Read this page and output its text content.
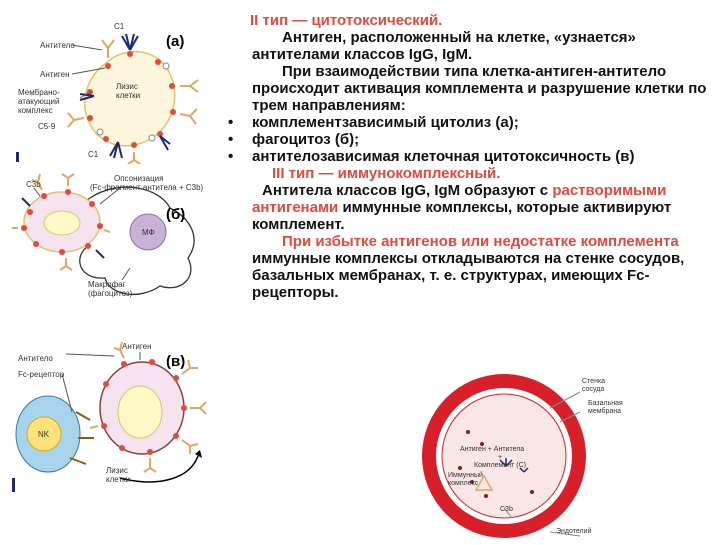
C1
Антитело
Антиген
Лизис
клетки
Мембрано-
атакующий
комплекс
C5-9
C1
(а)
C3b
Опсонизация
(Fc-фрагмент антитела + C3b)
МФ
Макрофаг
(фагоцитоз)
(б)
Антиген
Антитело
Fc-рецептор
NK
Лизис
клетки
(в)
Стенка
сосуда
Базальная
мембрана
Антиген + Антитела
+
Комплемент (С)
Иммунный
комплекс
C3b
Эндотелий

II тип — цитотоксический.

Антиген, расположенный на клетке, «узнается» антителами классов IgG, IgM.

При взаимодействии типа клетка-антиген-антитело происходит активация комплемента и разрушение клетки по трем направлениям:

• комплементзависимый цитолиз (а);
• фагоцитоз (б);
• антителозависимая клеточная цитотоксичность (в)

III тип — иммунокомплексный.

Антитела классов IgG, IgM образуют с растворимыми антигенами иммунные комплексы, которые активируют комплемент.

При избытке антигенов или недостатке комплемента иммунные комплексы откладываются на стенке сосудов, базальных мембранах, т. е. структурах, имеющих Fc-рецепторы.
